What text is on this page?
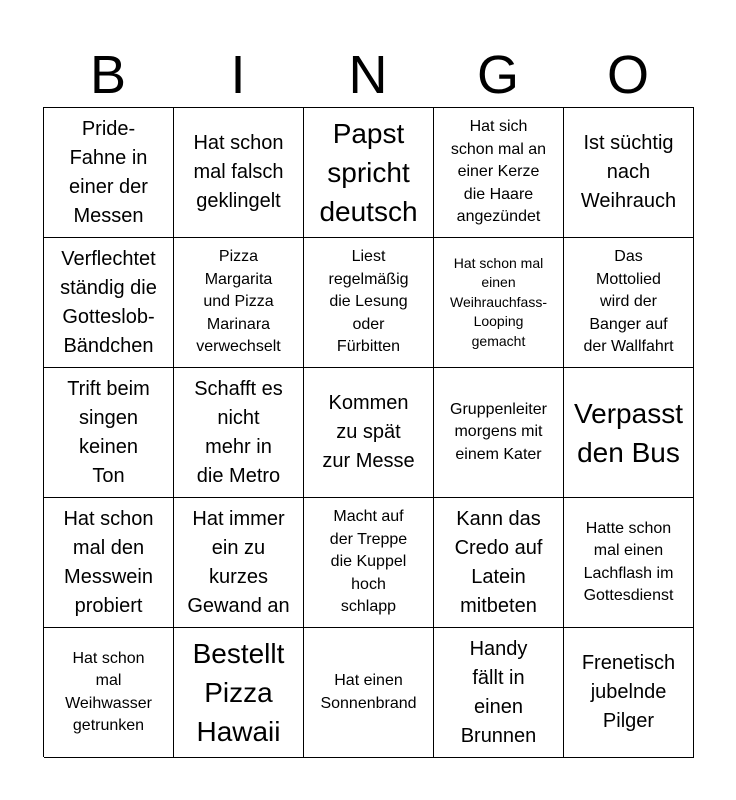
B	I	N	G	O
Pride-
Fahne in
einer der
Messen
Hat schon
mal falsch
geklingelt
Papst
spricht
deutsch
Hat sich
schon mal an
einer Kerze
die Haare
angezündet
Ist süchtig
nach
Weihrauch
Verflechtet
ständig die
Gotteslob-
Bändchen
Pizza
Margarita
und Pizza
Marinara
verwechselt
Liest
regelmäßig
die Lesung
oder
Fürbitten
Hat schon mal
einen
Weihrauchfass-
Looping
gemacht
Das
Mottolied
wird der
Banger auf
der Wallfahrt
Trift beim
singen
keinen
Ton
Schafft es
nicht
mehr in
die Metro
Kommen
zu spät
zur Messe
Gruppenleiter
morgens mit
einem Kater
Verpasst
den Bus
Hat schon
mal den
Messwein
probiert
Hat immer
ein zu
kurzes
Gewand an
Macht auf
der Treppe
die Kuppel
hoch
schlapp
Kann das
Credo auf
Latein
mitbeten
Hatte schon
mal einen
Lachflash im
Gottesdienst
Hat schon
mal
Weihwasser
getrunken
Bestellt
Pizza
Hawaii
Hat einen
Sonnenbrand
Handy
fällt in
einen
Brunnen
Frenetisch
jubelnde
Pilger
